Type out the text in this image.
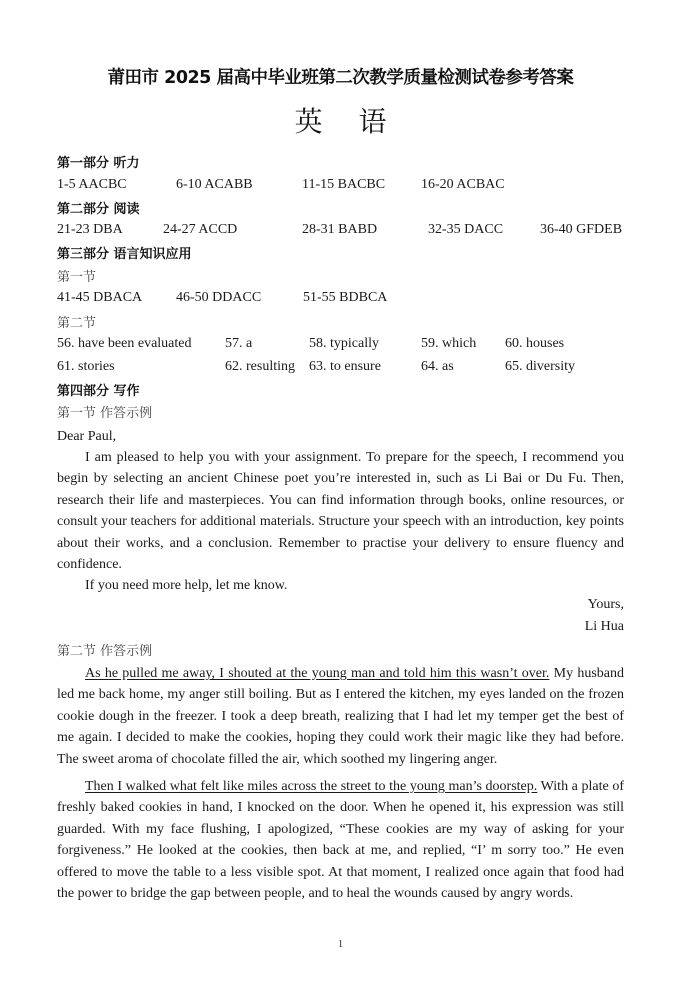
莆田市 2025 届高中毕业班第二次教学质量检测试卷参考答案
英 语
第一部分 听力
1-5 AACBC	6-10 ACABB	11-15 BACBC	16-20 ACBAC
第二部分 阅读
21-23 DBA	24-27 ACCD	28-31 BABD	32-35 DACC	36-40 GFDEB
第三部分 语言知识应用
第一节
41-45 DBACA 46-50 DDACC	51-55 BDBCA
第二节
56. have been evaluated 57. a	58. typically	59. which 60. houses
61. stories	62. resulting 63. to ensure	64. as	65. diversity
第四部分 写作
第一节 作答示例
Dear Paul,
I am pleased to help you with your assignment. To prepare for the speech, I recommend you begin by selecting an ancient Chinese poet you’re interested in, such as Li Bai or Du Fu. Then, research their life and masterpieces. You can find information through books, online resources, or consult your teachers for additional materials. Structure your speech with an introduction, key points about their works, and a conclusion. Remember to practise your delivery to ensure fluency and confidence.
If you need more help, let me know.
Yours,
Li Hua
第二节 作答示例
As he pulled me away, I shouted at the young man and told him this wasn’t over. My husband led me back home, my anger still boiling. But as I entered the kitchen, my eyes landed on the frozen cookie dough in the freezer. I took a deep breath, realizing that I had let my temper get the best of me again. I decided to make the cookies, hoping they could work their magic like they had before. The sweet aroma of chocolate filled the air, which soothed my lingering anger.
Then I walked what felt like miles across the street to the young man’s doorstep. With a plate of freshly baked cookies in hand, I knocked on the door. When he opened it, his expression was still guarded. With my face flushing, I apologized, “These cookies are my way of asking for your forgiveness.” He looked at the cookies, then back at me, and replied, “I’ m sorry too.” He even offered to move the table to a less visible spot. At that moment, I realized once again that food had the power to bridge the gap between people, and to heal the wounds caused by angry words.
1
